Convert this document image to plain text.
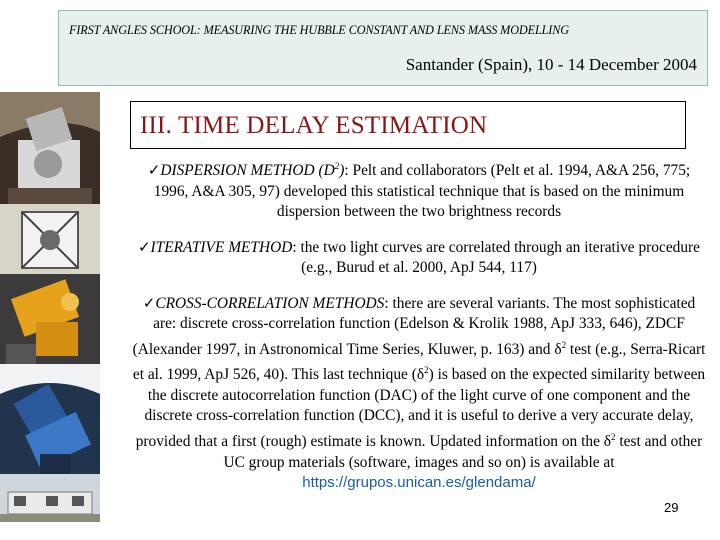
FIRST ANGLES SCHOOL: MEASURING THE HUBBLE CONSTANT AND LENS MASS MODELLING
Santander (Spain), 10 - 14 December 2004
III. TIME DELAY ESTIMATION
✓DISPERSION METHOD $(D^2)$: Pelt and collaborators (Pelt et al. 1994, A&A 256, 775; 1996, A&A 305, 97) developed this statistical technique that is based on the minimum dispersion between the two brightness records
✓ITERATIVE METHOD: the two light curves are correlated through an iterative procedure (e.g., Burud et al. 2000, ApJ 544, 117)
✓CROSS-CORRELATION METHODS: there are several variants. The most sophisticated are: discrete cross-correlation function (Edelson & Krolik 1988, ApJ 333, 646), ZDCF (Alexander 1997, in Astronomical Time Series, Kluwer, p. 163) and $\delta^2$ test (e.g., Serra-Ricart et al. 1999, ApJ 526, 40). This last technique $(\delta^2)$ is based on the expected similarity between the discrete autocorrelation function (DAC) of the light curve of one component and the discrete cross-correlation function (DCC), and it is useful to derive a very accurate delay, provided that a first (rough) estimate is known. Updated information on the $\delta^2$ test and other UC group materials (software, images and so on) is available at https://grupos.unican.es/glendama/
29
